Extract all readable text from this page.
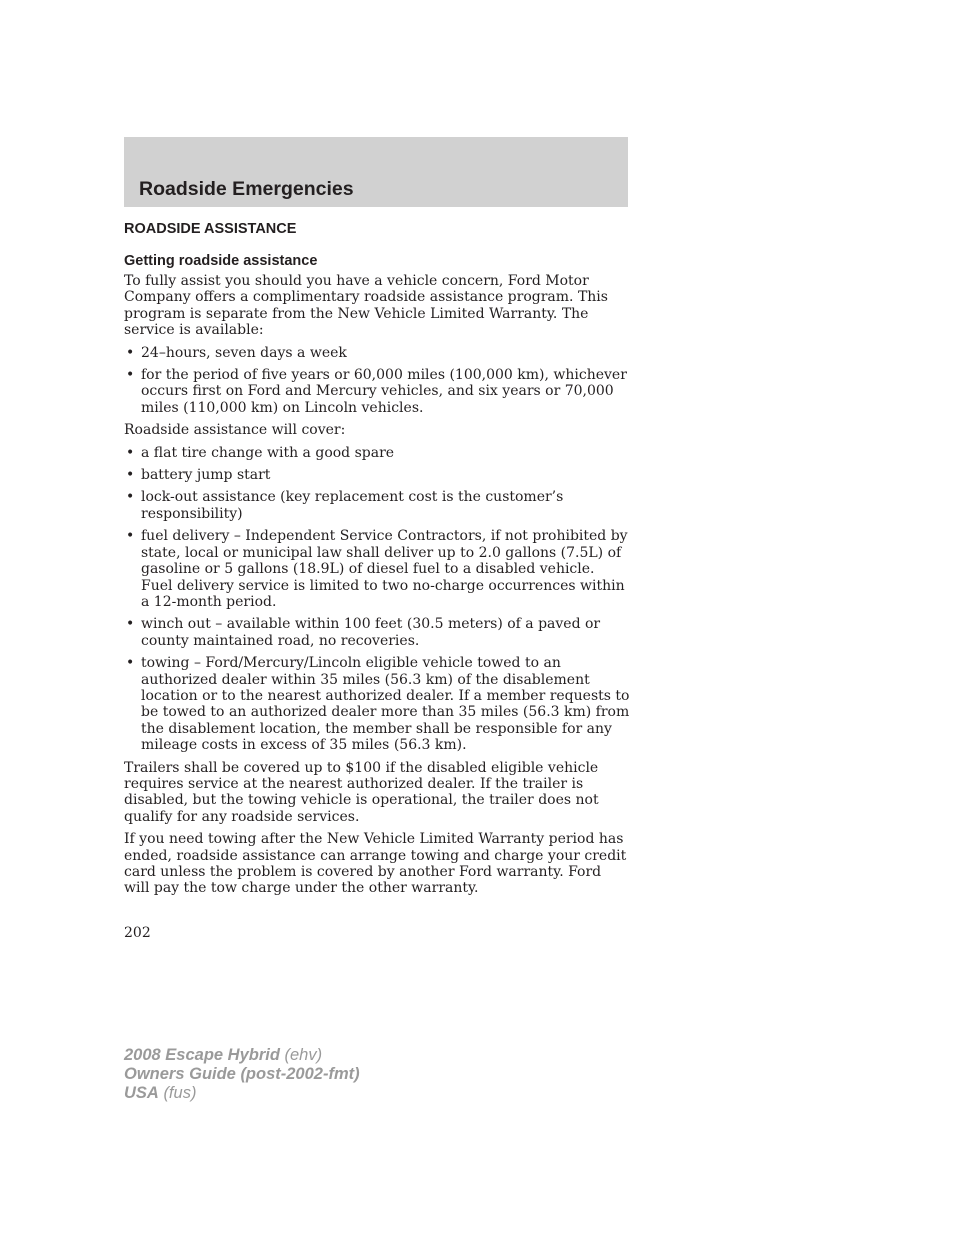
Roadside Emergencies
ROADSIDE ASSISTANCE
Getting roadside assistance

To fully assist you should you have a vehicle concern, Ford Motor Company offers a complimentary roadside assistance program. This program is separate from the New Vehicle Limited Warranty. The service is available:

• 24–hours, seven days a week
• for the period of five years or 60,000 miles (100,000 km), whichever occurs first on Ford and Mercury vehicles, and six years or 70,000 miles (110,000 km) on Lincoln vehicles.

Roadside assistance will cover:

• a flat tire change with a good spare
• battery jump start
• lock-out assistance (key replacement cost is the customer’s responsibility)
• fuel delivery – Independent Service Contractors, if not prohibited by state, local or municipal law shall deliver up to 2.0 gallons (7.5L) of gasoline or 5 gallons (18.9L) of diesel fuel to a disabled vehicle. Fuel delivery service is limited to two no-charge occurrences within a 12-month period.
• winch out – available within 100 feet (30.5 meters) of a paved or county maintained road, no recoveries.
• towing – Ford/Mercury/Lincoln eligible vehicle towed to an authorized dealer within 35 miles (56.3 km) of the disablement location or to the nearest authorized dealer. If a member requests to be towed to an authorized dealer more than 35 miles (56.3 km) from the disablement location, the member shall be responsible for any mileage costs in excess of 35 miles (56.3 km).

Trailers shall be covered up to $100 if the disabled eligible vehicle requires service at the nearest authorized dealer. If the trailer is disabled, but the towing vehicle is operational, the trailer does not qualify for any roadside services.

If you need towing after the New Vehicle Limited Warranty period has ended, roadside assistance can arrange towing and charge your credit card unless the problem is covered by another Ford warranty. Ford will pay the tow charge under the other warranty.

202
2008 Escape Hybrid (ehv)
Owners Guide (post-2002-fmt)
USA (fus)
